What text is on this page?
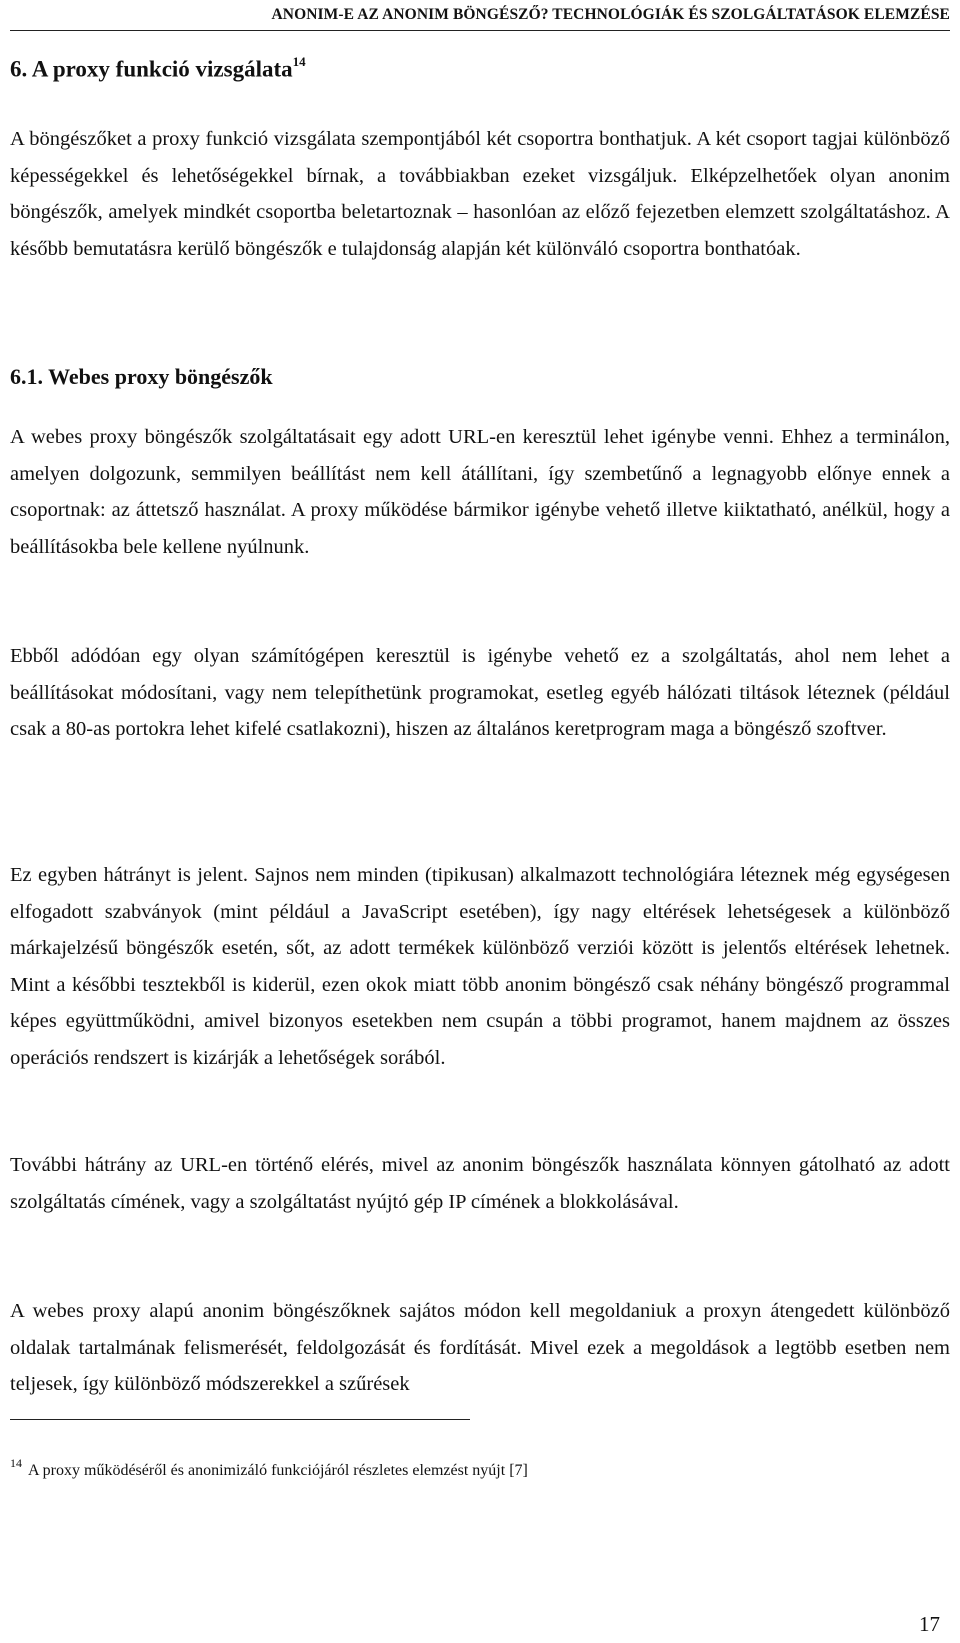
ANONIM-E AZ ANONIM BÖNGÉSZŐ? TECHNOLÓGIÁK ÉS SZOLGÁLTATÁSOK ELEMZÉSE
6. A proxy funkció vizsgálata$^{14}$

A böngészőket a proxy funkció vizsgálata szempontjából két csoportra bonthatjuk. A két csoport tagjai különböző képességekkel és lehetőségekkel bírnak, a továbbiakban ezeket vizsgáljuk. Elképzelhetőek olyan anonim böngészők, amelyek mindkét csoportba beletartoznak – hasonlóan az előző fejezetben elemzett szolgáltatáshoz. A később bemutatásra kerülő böngészők e tulajdonság alapján két különváló csoportra bonthatóak.

6.1. Webes proxy böngészők

A webes proxy böngészők szolgáltatásait egy adott URL-en keresztül lehet igénybe venni. Ehhez a terminálon, amelyen dolgozunk, semmilyen beállítást nem kell átállítani, így szembetűnő a legnagyobb előnye ennek a csoportnak: az áttetsző használat. A proxy működése bármikor igénybe vehető illetve kiiktatható, anélkül, hogy a beállításokba bele kellene nyúlnunk.

Ebből adódóan egy olyan számítógépen keresztül is igénybe vehető ez a szolgáltatás, ahol nem lehet a beállításokat módosítani, vagy nem telepíthetünk programokat, esetleg egyéb hálózati tiltások léteznek (például csak a 80-as portokra lehet kifelé csatlakozni), hiszen az általános keretprogram maga a böngésző szoftver.

Ez egyben hátrányt is jelent. Sajnos nem minden (tipikusan) alkalmazott technológiára léteznek még egységesen elfogadott szabványok (mint például a JavaScript esetében), így nagy eltérések lehetségesek a különböző márkajelzésű böngészők esetén, sőt, az adott termékek különböző verziói között is jelentős eltérések lehetnek. Mint a későbbi tesztekből is kiderül, ezen okok miatt több anonim böngésző csak néhány böngésző programmal képes együttműködni, amivel bizonyos esetekben nem csupán a többi programot, hanem majdnem az összes operációs rendszert is kizárják a lehetőségek sorából.

További hátrány az URL-en történő elérés, mivel az anonim böngészők használata könnyen gátolható az adott szolgáltatás címének, vagy a szolgáltatást nyújtó gép IP címének a blokkolásával.

A webes proxy alapú anonim böngészőknek sajátos módon kell megoldaniuk a proxyn átengedett különböző oldalak tartalmának felismerését, feldolgozását és fordítását. Mivel ezek a megoldások a legtöbb esetben nem teljesek, így különböző módszerekkel a szűrések

$^{14}$ A proxy működéséről és anonimizáló funkciójáról részletes elemzést nyújt [7]
17
